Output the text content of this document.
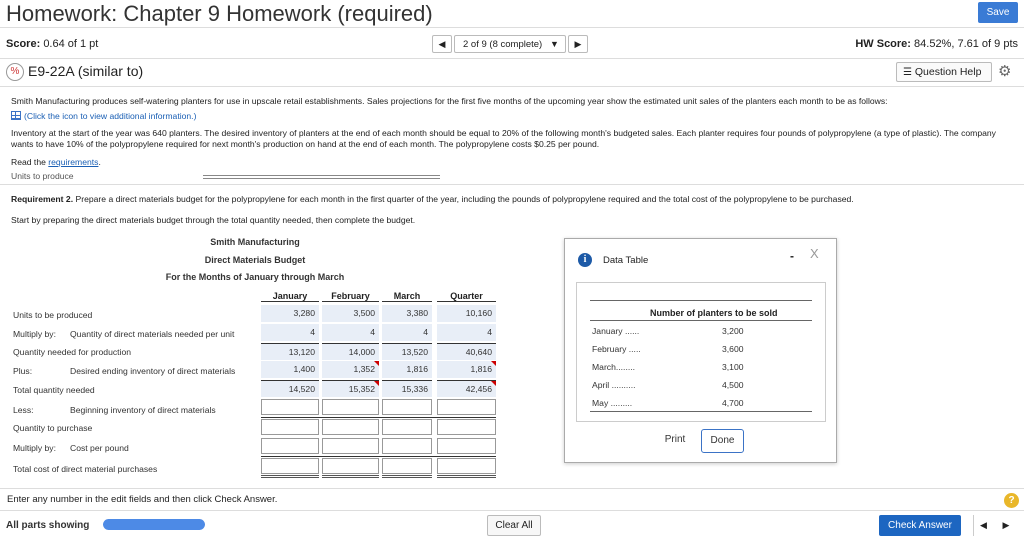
Homework: Chapter 9 Homework (required)	Save
Score: 0.64 of 1 pt	◀	2 of 9 (8 complete) ▼	▶	HW Score: 84.52%, 7.61 of 9 pts
% E9-22A (similar to)	☰ Question Help	⚙
Smith Manufacturing produces self-watering planters for use in upscale retail establishments. Sales projections for the first five months of the upcoming year show the estimated unit sales of the planters each month to be as follows:
(Click the icon to view additional information.)
Inventory at the start of the year was 640 planters. The desired inventory of planters at the end of each month should be equal to 20% of the following month's budgeted sales. Each planter requires four pounds of polypropylene (a type of plastic). The company wants to have 10% of the polypropylene required for next month's production on hand at the end of each month. The polypropylene costs $0.25 per pound.
Read the requirements.
Units to produce
Requirement 2. Prepare a direct materials budget for the polypropylene for each month in the first quarter of the year, including the pounds of polypropylene required and the total cost of the polypropylene to be purchased.
Start by preparing the direct materials budget through the total quantity needed, then complete the budget.
Smith Manufacturing
Direct Materials Budget
For the Months of January through March
January	February	March	Quarter
Units to be produced	3,280	3,500	3,380	10,160
Multiply by: Quantity of direct materials needed per unit	4	4	4	4
Quantity needed for production	13,120	14,000	13,520	40,640
Plus:	Desired ending inventory of direct materials	1,400	1,352	1,816	1,816
Total quantity needed	14,520	15,352	15,336	42,456
Less:	Beginning inventory of direct materials
Quantity to purchase
Multiply by: Cost per pound
Total cost of direct material purchases
i	Data Table	- X
Number of planters to be sold
January ......	3,200
February .....	3,600
March........	3,100
April ..........	4,500
May .........	4,700
Print	Done
Enter any number in the edit fields and then click Check Answer.	?
All parts showing	Clear All	Check Answer	◀	▶
